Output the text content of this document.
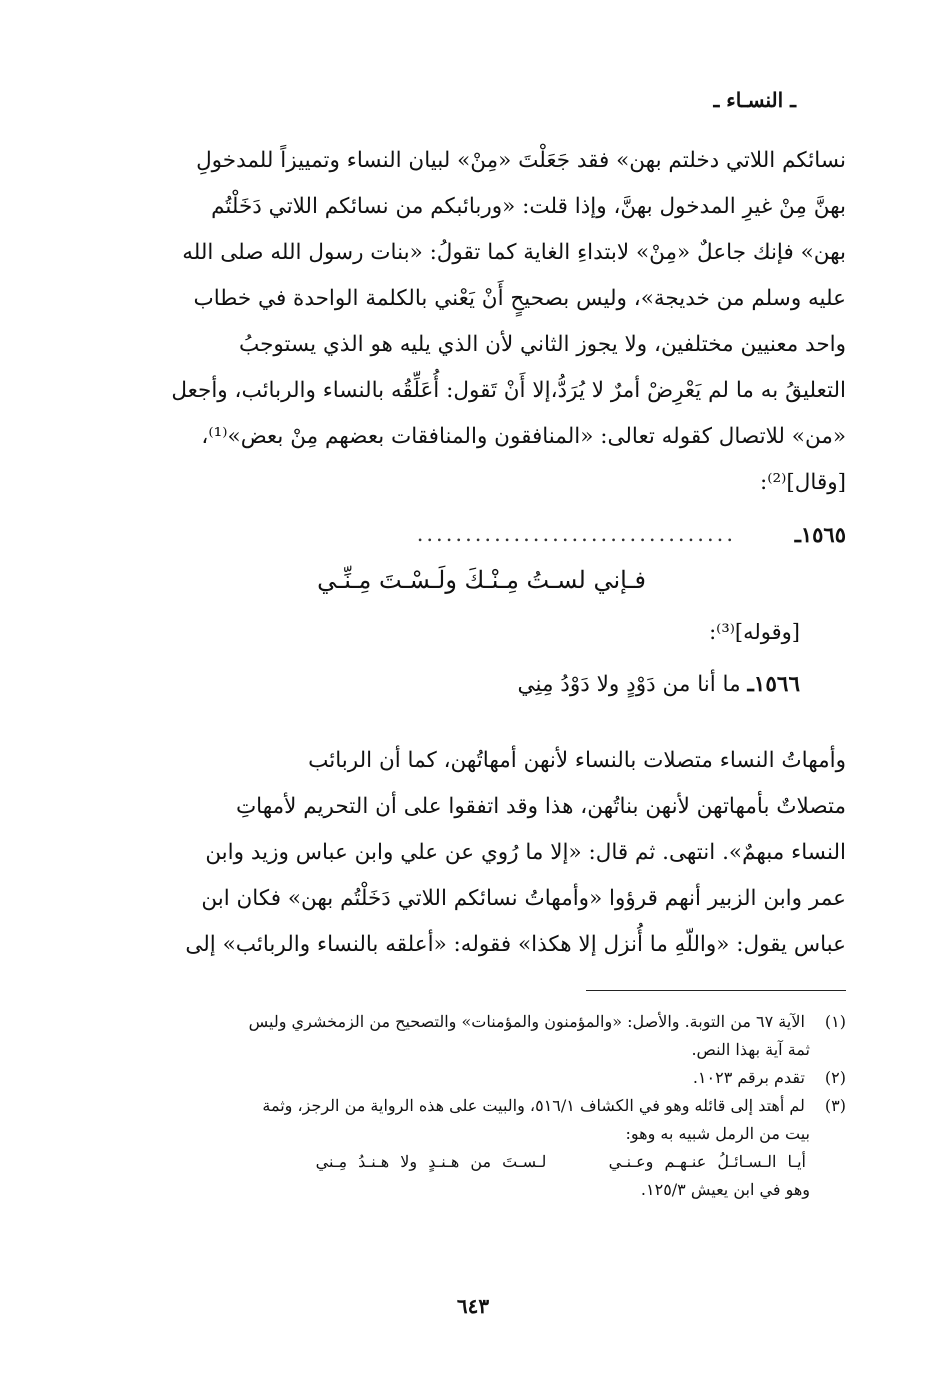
ـ النسـاء ـ
نسائكم اللاتي دخلتم بهن» فقد جَعَلْتَ «مِنْ» لبيان النساء وتمييزاً للمدخولِ
بهنَّ مِنْ غيرِ المدخول بهنَّ، وإذا قلت: «وربائبكم من نسائكم اللاتي دَخَلْتُم
بهن» فإنك جاعلٌ «مِنْ» لابتداءِ الغاية كما تقولُ: «بنات رسول الله صلى الله
عليه وسلم من خديجة»، وليس بصحيحٍ أَنْ يَعْني بالكلمة الواحدة في خطاب
واحد معنيين مختلفين، ولا يجوز الثاني لأن الذي يليه هو الذي يستوجبُ
التعليقُ به ما لم يَعْرِضْ أمرٌ لا يُرَدُّ،إلا أَنْ تَقول: أُعَلِّقُه بالنساء والربائب، وأجعل
«من» للاتصال كقوله تعالى: «المنافقون والمنافقات بعضهم مِنْ بعض»⁽¹⁾،
[وقال]⁽²⁾:
١٥٦٥ـ
.................................
فـإني لسـتُ مِـنْـكَ ولَـسْـتَ مِـنِّـي
[وقوله]⁽³⁾:
١٥٦٦ـ ما أنا من دَوْدٍ ولا دَوْدُ مِنِي
وأمهاتُ النساء متصلات بالنساء لأنهن أمهاتُهن، كما أن الربائب
متصلاتٌ بأمهاتهن لأنهن بناتُهن، هذا وقد اتفقوا على أن التحريم لأمهاتِ
النساء مبهمٌ». انتهى. ثم قال: «إلا ما رُوي عن علي وابن عباس وزيد وابن
عمر وابن الزبير أنهم قرؤوا «وأمهاتُ نسائكم اللاتي دَخَلْتُم بهن» فكان ابن
عباس يقول: «واللّهِ ما أُنزل إلا هكذا» فقوله: «أعلقه بالنساء والربائب» إلى
(١) الآية ٦٧ من التوبة. والأصل: «والمؤمنون والمؤمنات» والتصحيح من الزمخشري وليس
ثمة آية بهذا النص.
(٢) تقدم برقم ١٠٢٣.
(٣) لم أهتد إلى قائله وهو في الكشاف ٥١٦/١، والبيت على هذه الرواية من الرجز، وثمة
بيت من الرمل شبيه به وهو:
أيـا الـسـائـلُ عنـهـم وعـنـي  لـسـتَ من هـنـدٍ ولا هـنـدُ مِـني
وهو في ابن يعيش ١٢٥/٣.
٦٤٣
